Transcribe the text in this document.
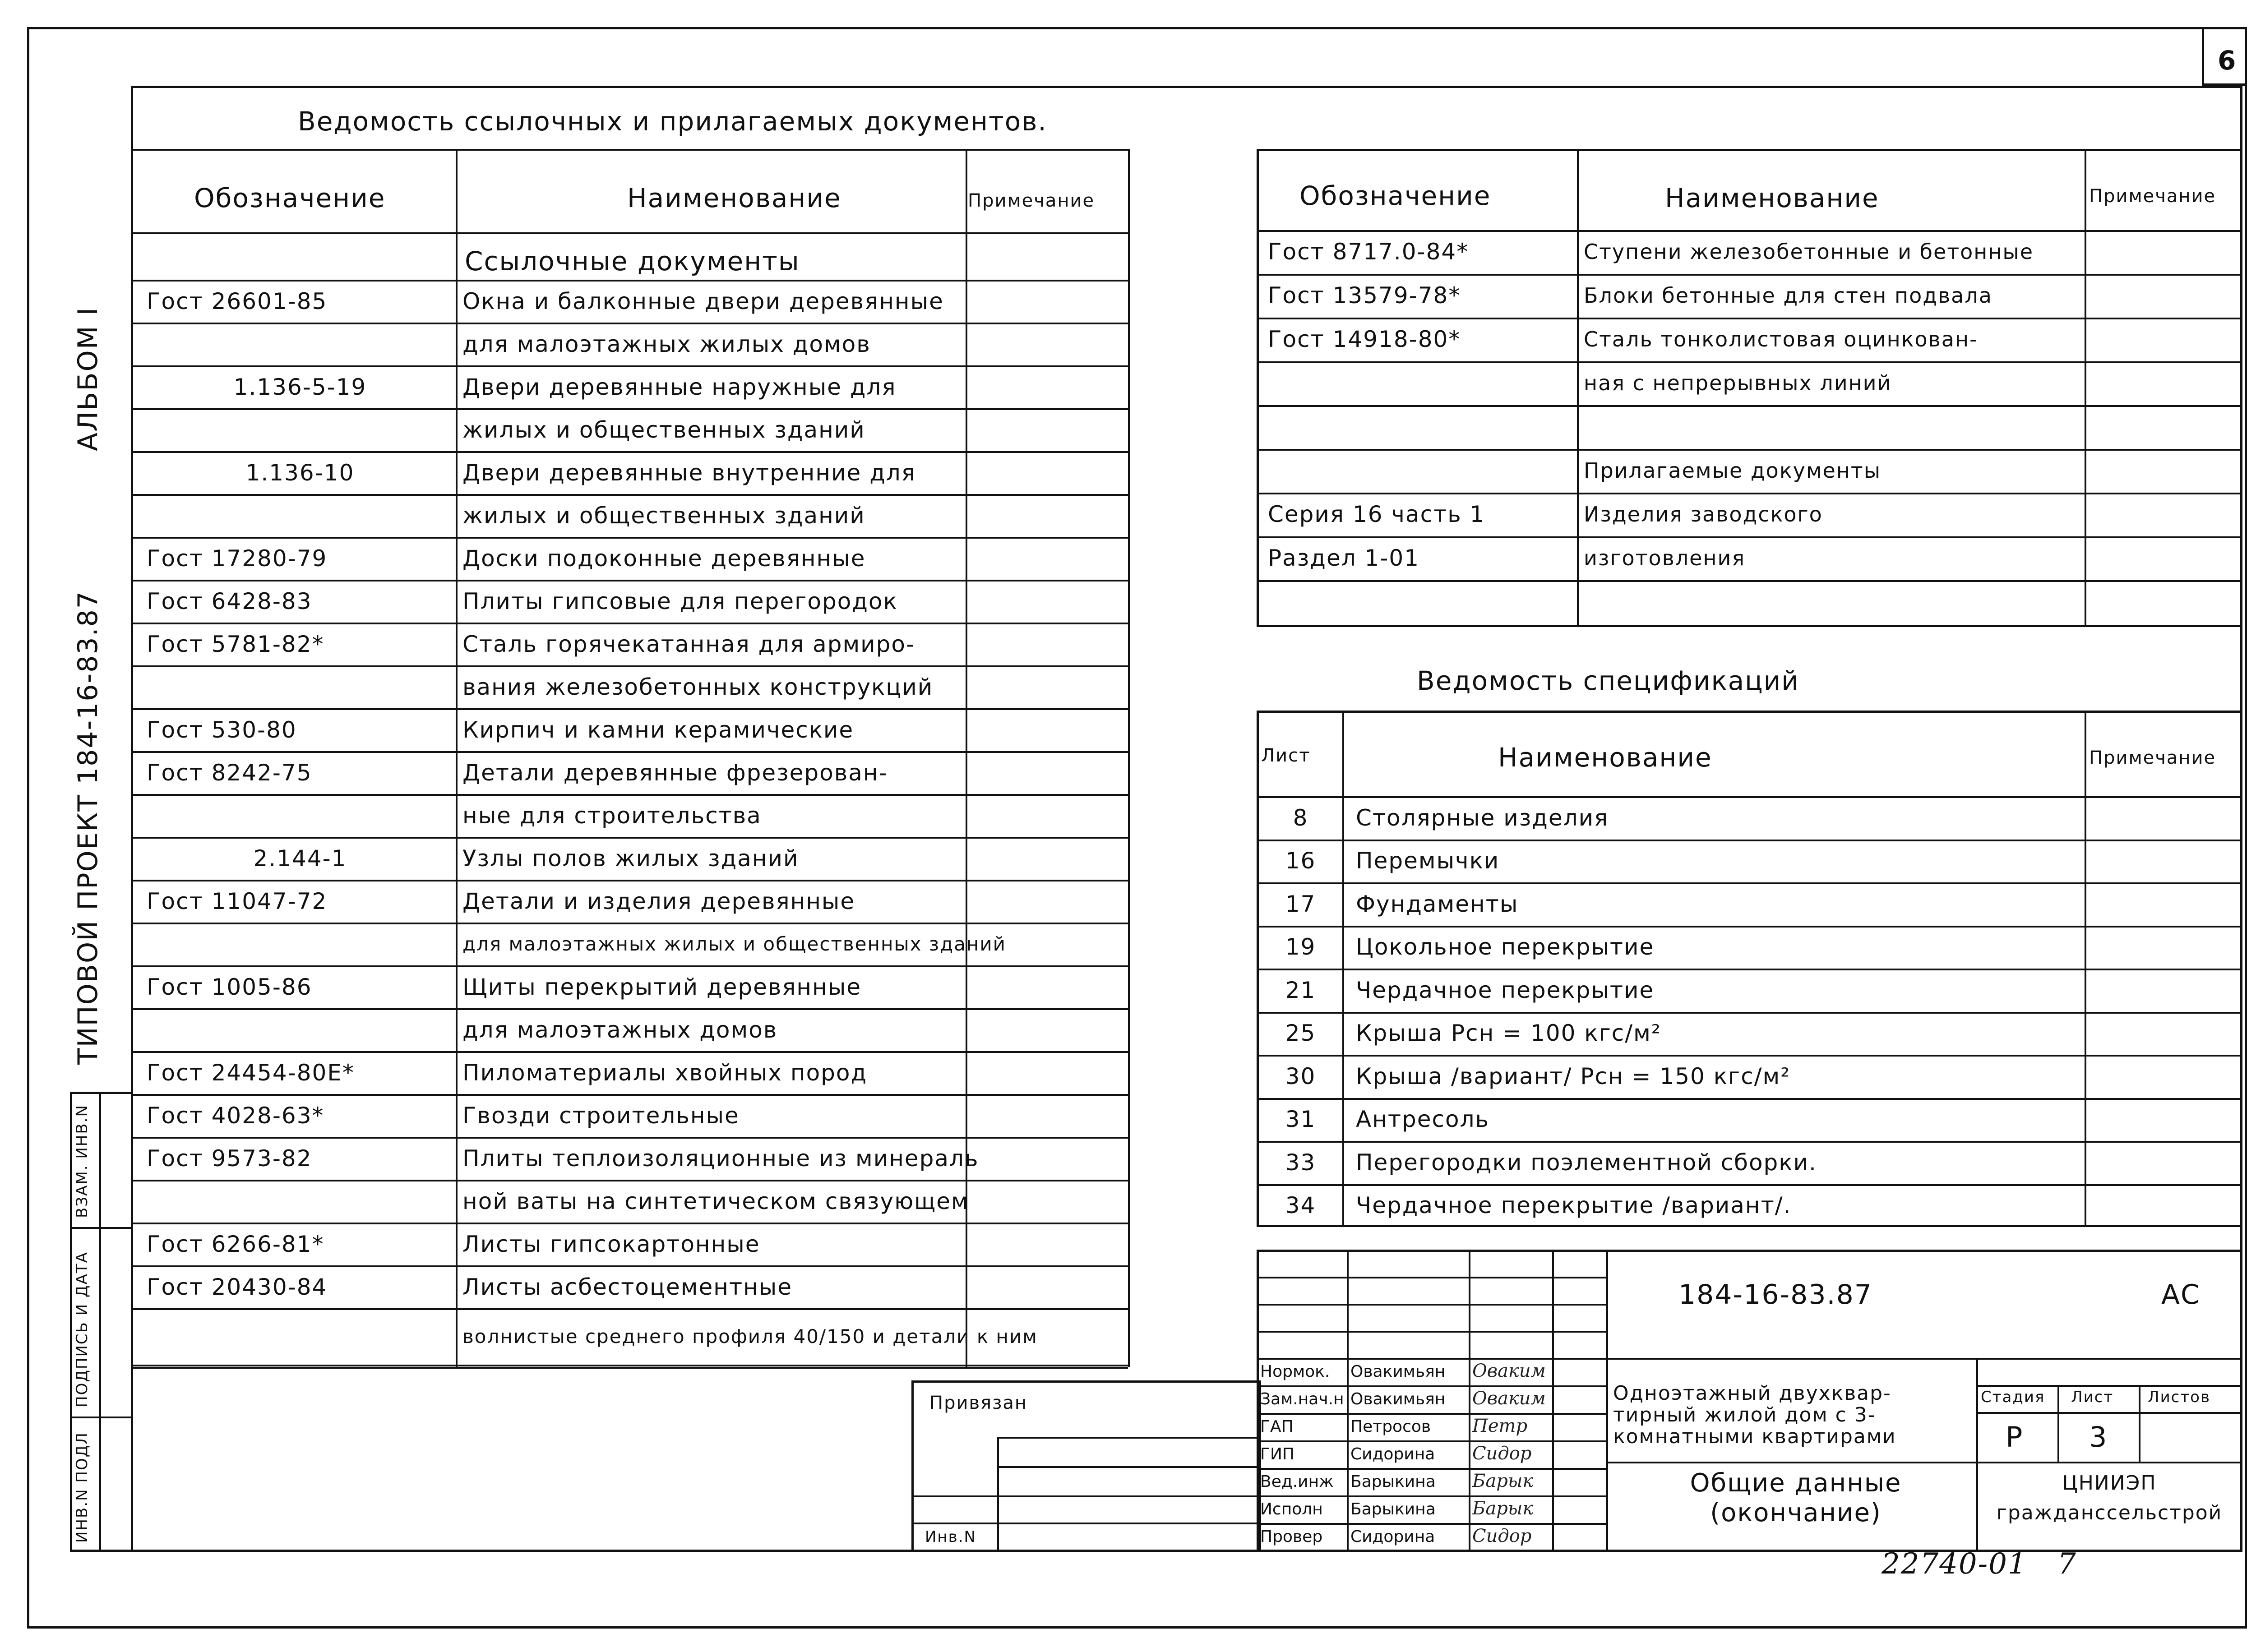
6
АЛЬБОМ I
ТИПОВОЙ ПРОЕКТ 184-16-83.87
ИНВ.N ПОДЛ
ПОДПИСЬ И ДАТА
ВЗАМ. ИНВ.N
Ведомость ссылочных и прилагаемых документов.
Обозначение	Наименование	Примечание
Ссылочные документы
Гост 26601-85	Окна и балконные двери деревянные
для малоэтажных жилых домов
1.136-5-19	Двери деревянные наружные для
жилых и общественных зданий
1.136-10	Двери деревянные внутренние для
жилых и общественных зданий
Гост 17280-79	Доски подоконные деревянные
Гост 6428-83	Плиты гипсовые для перегородок
Гост 5781-82*	Сталь горячекатанная для армиро-
вания железобетонных конструкций
Гост 530-80	Кирпич и камни керамические
Гост 8242-75	Детали деревянные фрезерован-
ные для строительства
2.144-1	Узлы полов жилых зданий
Гост 11047-72	Детали и изделия деревянные
для малоэтажных жилых и общественных зданий
Гост 1005-86	Щиты перекрытий деревянные
для малоэтажных домов
Гост 24454-80Е*	Пиломатериалы хвойных пород
Гост 4028-63*	Гвозди строительные
Гост 9573-82	Плиты теплоизоляционные из минераль
ной ваты на синтетическом связующем
Гост 6266-81*	Листы гипсокартонные
Гост 20430-84	Листы асбестоцементные
волнистые среднего профиля 40/150 и детали к ним
Обозначение	Наименование	Примечание
Гост 8717.0-84*	Ступени железобетонные и бетонные
Гост 13579-78*	Блоки бетонные для стен подвала
Гост 14918-80*	Сталь тонколистовая оцинкован-
ная с непрерывных линий
Прилагаемые документы
Серия 16 часть 1	Изделия заводского
Раздел 1-01	изготовления
Ведомость спецификаций
Лист	Наименование	Примечание
8	Столярные изделия
16	Перемычки
17	Фундаменты
19	Цокольное перекрытие
21	Чердачное перекрытие
25	Крыша Pсн = 100 кгс/м²
30	Крыша /вариант/ Pсн = 150 кгс/м²
31	Антресоль
33	Перегородки поэлементной сборки.
34	Чердачное перекрытие /вариант/.
Привязан
Инв.N
Нормок.	Овакимьян	Оваким
Зам.нач.н Овакимьян	Оваким
ГАП	Петросов	Петр
ГИП	Сидорина	Сидор
Вед.инж	Барыкина	Барык
Исполн	Барыкина	Барык
Провер	Сидорина	Сидор
184-16-83.87	АС
Одноэтажный двухквар-тирный жилой дом с 3-комнатными квартирами
Общие данные (окончание)
Стадия Лист Листов
Р 3
ЦНИИЭП гражданссельстрой
22740-01 7
